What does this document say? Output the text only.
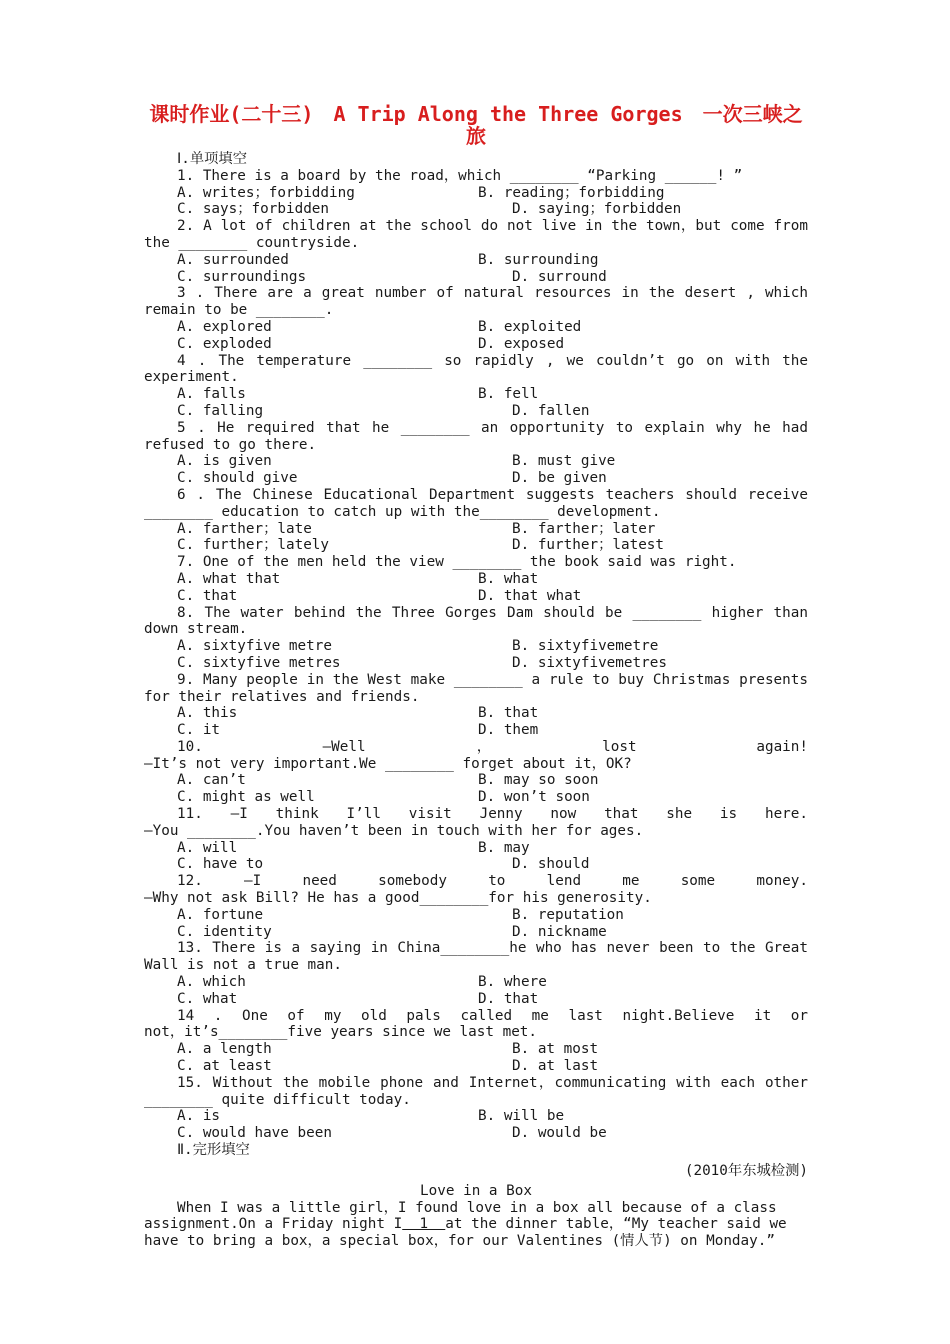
课时作业(二十三)　A Trip Along the Three Gorges　一次三峡之旅
Ⅰ.单项填空
1. There is a board by the road，which ________ “Parking ______! ”
A. writes；forbidding	B. reading；forbidding
C. says；forbidden	D. saying；forbidden
2. A lot of children at the school do not live in the town，but come from
the ________ countryside.
A. surrounded	B. surrounding
C. surroundings	D. surround
3 . There are a great number of natural resources in the desert , which
remain to be ________.
A. explored	B. exploited
C. exploded	D. exposed
4 . The temperature ________ so rapidly , we couldn’t go on with the
experiment.
A. falls	B. fell
C. falling	D. fallen
5 . He required that he ________ an opportunity to explain why he had
refused to go there.
A. is given	B. must give
C. should give	D. be given
6 . The Chinese Educational Department suggests teachers should receive
________ education to catch up with the________ development.
A. farther；late	B. farther；later
C. further；lately	D. further；latest
7. One of the men held the view ________ the book said was right.
A. what that	B. what
C. that	D. that what
8. The water behind the Three Gorges Dam should be ________ higher than
down stream.
A. sixtyfive metre	B. sixtyfivemetre
C. sixtyfive metres	D. sixtyfivemetres
9. Many people in the West make ________ a rule to buy Christmas presents
for their relatives and friends.
A. this	B. that
C. it	D. them
10. —Well，lost again!
—It’s not very important.We ________ forget about it，OK?
A. can’t	B. may so soon
C. might as well	D. won’t soon
11. —I think I’ll visit Jenny now that she is here.
—You ________.You haven’t been in touch with her for ages.
A. will	B. may
C. have to	D. should
12. —I need somebody to lend me some money.
—Why not ask Bill? He has a good________for his generosity.
A. fortune	B. reputation
C. identity	D. nickname
13. There is a saying in China________he who has never been to the Great
Wall is not a true man.
A. which	B. where
C. what	D. that
14 . One of my old pals called me last night.Believe it or
not，it’s________five years since we last met.
A. a length	B. at most
C. at least	D. at last
15. Without the mobile phone and Internet，communicating with each other
________ quite difficult today.
A. is	B. will be
C. would have been	D. would be
Ⅱ.完形填空
(2010年东城检测)
Love in a Box
When I was a little girl，I found love in a box all because of a class
assignment.On a Friday night I  1  at the dinner table，“My teacher said we
have to bring a box，a special box，for our Valentines (情人节) on Monday.”
